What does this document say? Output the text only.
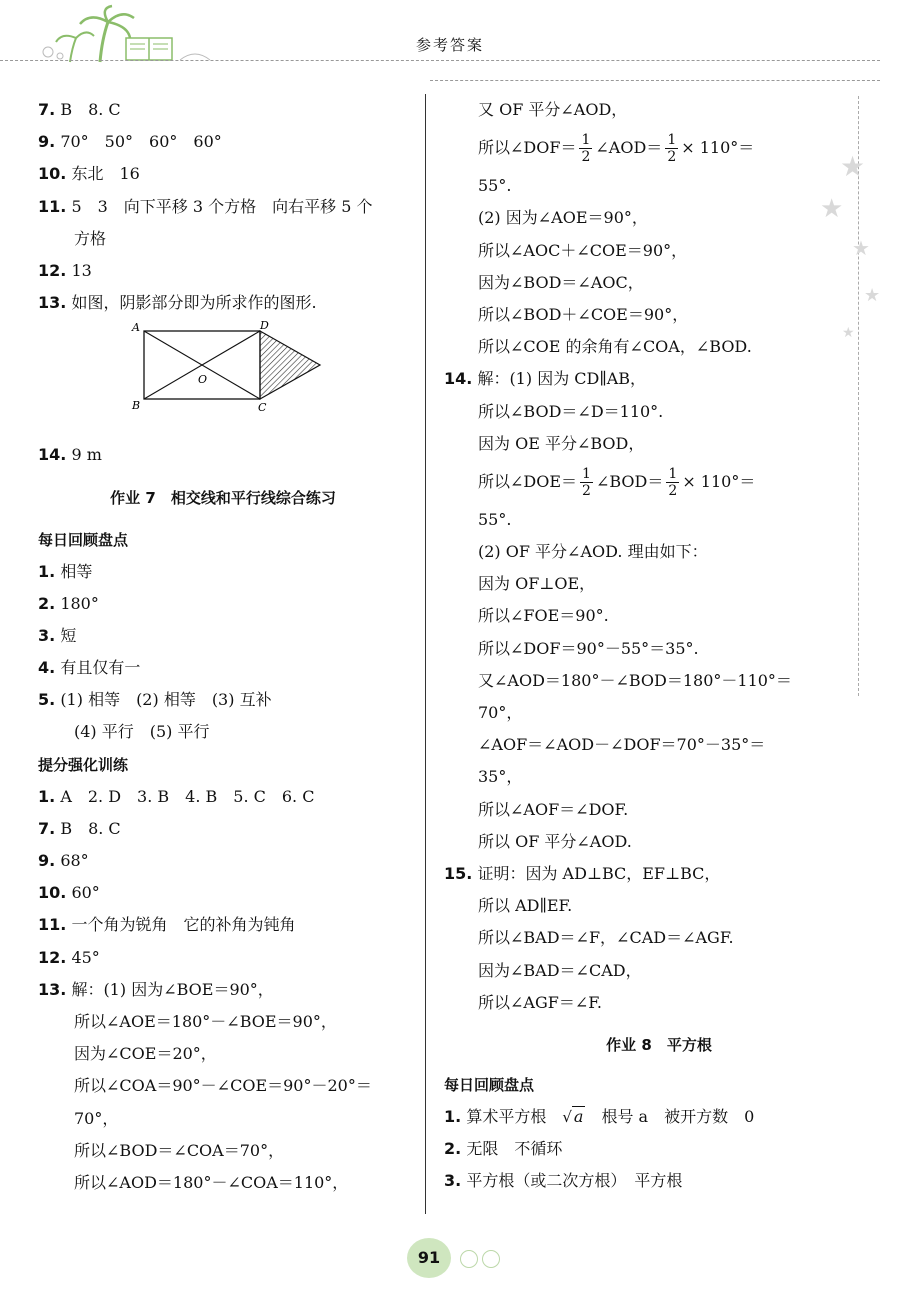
参考答案
★
★
★
★
★
7. B　8. C
9. 70°　50°　60°　60°
10. 东北　16
11. 5　3　向下平移 3 个方格　向右平移 5 个
方格
12. 13
13. 如图，阴影部分即为所求作的图形.
A
B	C
D
O
14. 9 m
作业 7　相交线和平行线综合练习
每日回顾盘点
1. 相等
2. 180°
3. 短
4. 有且仅有一
5. (1) 相等　(2) 相等　(3) 互补
(4) 平行　(5) 平行
提分强化训练
1. A　2. D　3. B　4. B　5. C　6. C
7. B　8. C
9. 68°
10. 60°
11. 一个角为锐角　它的补角为钝角
12. 45°
13. 解：(1) 因为∠BOE＝90°，
所以∠AOE＝180°－∠BOE＝90°，
因为∠COE＝20°，
所以∠COA＝90°－∠COE＝90°－20°＝
70°，
所以∠BOD＝∠COA＝70°，
所以∠AOD＝180°－∠COA＝110°，
又 OF 平分∠AOD，
所以∠DOF＝ $\frac{1}{2}$ ∠AOD＝ $\frac{1}{2} \times 110^\circ=$
55°.
(2) 因为∠AOE＝90°，
所以∠AOC＋∠COE＝90°，
因为∠BOD＝∠AOC，
所以∠BOD＋∠COE＝90°，
所以∠COE 的余角有∠COA，∠BOD.
14. 解：(1) 因为 CD∥AB，
所以∠BOD＝∠D＝110°.
因为 OE 平分∠BOD，
所以∠DOE＝ $\frac{1}{2}$ ∠BOD＝ $\frac{1}{2} \times 110^\circ=$
55°.
(2) OF 平分∠AOD. 理由如下：
因为 OF⊥OE，
所以∠FOE＝90°.
所以∠DOF＝90°－55°＝35°.
又∠AOD＝180°－∠BOD＝180°－110°＝
70°，
∠AOF＝∠AOD－∠DOF＝70°－35°＝
35°，
所以∠AOF＝∠DOF.
所以 OF 平分∠AOD.
15. 证明：因为 AD⊥BC，EF⊥BC，
所以 AD∥EF.
所以∠BAD＝∠F，∠CAD＝∠AGF.
因为∠BAD＝∠CAD，
所以∠AGF＝∠F.
作业 8　平方根
每日回顾盘点
1. 算术平方根　 √ a　 根号 a　被开方数　0
2. 无限　不循环
3. 平方根（或二次方根）　平方根
91
